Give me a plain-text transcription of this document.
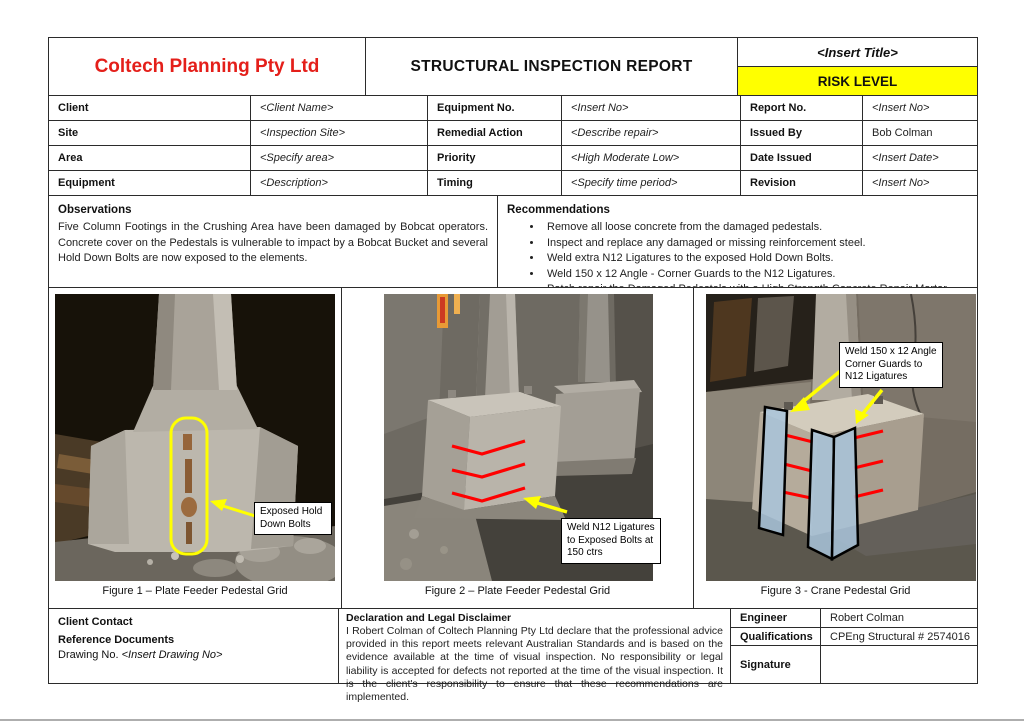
Coltech Planning Pty Ltd	STRUCTURAL INSPECTION REPORT
<Insert Title>
RISK LEVEL
Client	<Client Name>	Equipment No.	<Insert No>	Report No.	<Insert No>
Site	<Inspection Site>	Remedial Action	<Describe repair>	Issued By	Bob Colman
Area	<Specify area>	Priority	<High Moderate Low>	Date Issued	<Insert Date>
Equipment	<Description>	Timing	<Specify time period>	Revision	<Insert No>
Observations
Five Column Footings in the Crushing Area have been damaged by Bobcat operators. Concrete cover on the Pedestals is vulnerable to impact by a Bobcat Bucket and several Hold Down Bolts are now exposed to the elements.
Recommendations
• Remove all loose concrete from the damaged pedestals.
• Inspect and replace any damaged or missing reinforcement steel.
• Weld extra N12 Ligatures to the exposed Hold Down Bolts.
• Weld 150 x 12 Angle - Corner Guards to the N12 Ligatures.
•
Exposed Hold Down Bolts
Figure 1 – Plate Feeder Pedestal Grid
Weld N12 Ligatures to Exposed Bolts at 150 ctrs
Figure 2 – Plate Feeder Pedestal Grid
Weld 150 x 12 Angle Corner Guards to N12 Ligatures
Figure 3 - Crane Pedestal Grid
Client Contact
Reference Documents
Drawing No. <Insert Drawing No>
Declaration and Legal Disclaimer
I Robert Colman of Coltech Planning Pty Ltd declare that the professional advice provided in this report meets relevant Australian Standards and is based on the evidence available at the time of visual inspection. No responsibility or legal liability is accepted for defects not reported at the time of the visual inspection. It is the client's responsibility to ensure that these recommendations are implemented.
Engineer	Robert Colman
Qualifications	CPEng Structural # 2574016
Signature
